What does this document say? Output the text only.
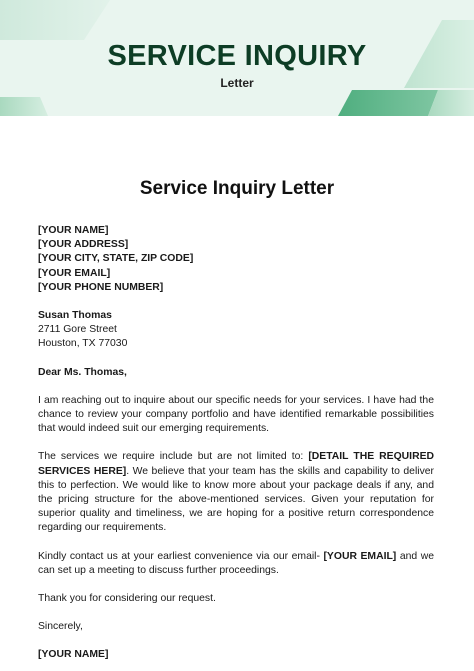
SERVICE INQUIRY
Letter
Service Inquiry Letter
[YOUR NAME]
[YOUR ADDRESS]
[YOUR CITY, STATE, ZIP CODE]
[YOUR EMAIL]
[YOUR PHONE NUMBER]
Susan Thomas
2711 Gore Street
Houston, TX 77030

Dear Ms. Thomas,

I am reaching out to inquire about our specific needs for your services. I have had the chance to review your company portfolio and have identified remarkable possibilities that would indeed suit our emerging requirements.

The services we require include but are not limited to: [DETAIL THE REQUIRED SERVICES HERE]. We believe that your team has the skills and capability to deliver this to perfection. We would like to know more about your package deals if any, and the pricing structure for the above-mentioned services. Given your reputation for superior quality and timeliness, we are hoping for a positive return correspondence regarding our requirements.

Kindly contact us at your earliest convenience via our email- [YOUR EMAIL] and we can set up a meeting to discuss further proceedings.

Thank you for considering our request.

Sincerely,

[YOUR NAME]
